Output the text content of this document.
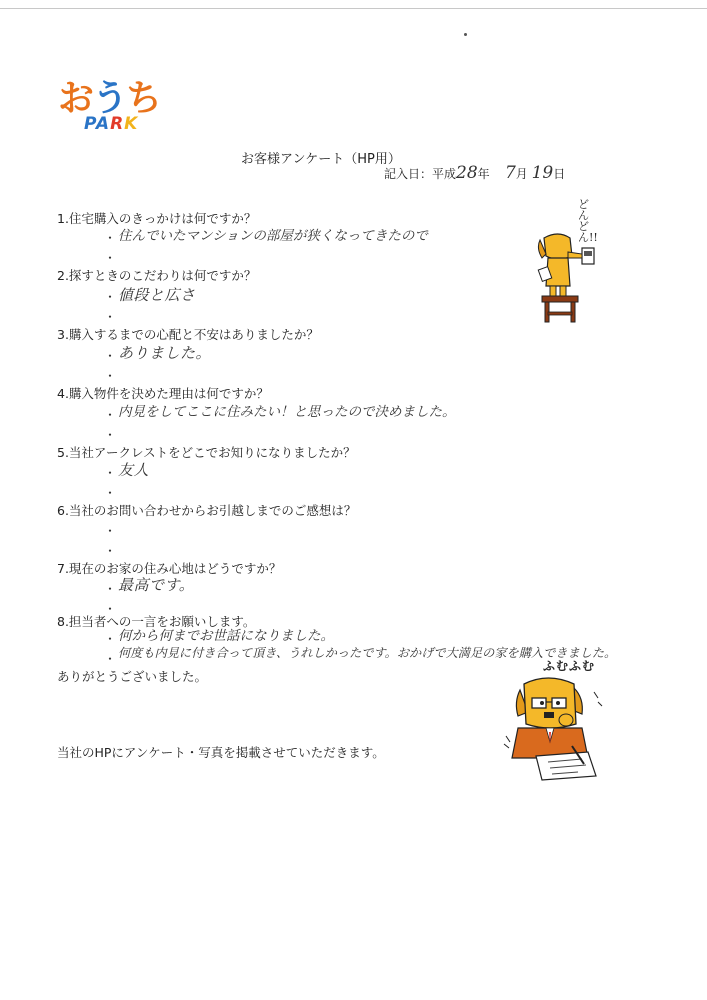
おうち
PARK
お客様アンケート（HP用）
記入日：平成28年 7月 19日
1.住宅購入のきっかけは何ですか？
・ 住んでいたマンションの部屋が狭くなってきたので
・
2.探すときのこだわりは何ですか？
・ 値段と広さ
・
3.購入するまでの心配と不安はありましたか？
・ ありました。
・
4.購入物件を決めた理由は何ですか？
・ 内見をしてここに住みたい！と思ったので決めました。
・
5.当社アークレストをどこでお知りになりましたか？
・ 友人
・
6.当社のお問い合わせからお引越しまでのご感想は？
・
・
7.現在のお家の住み心地はどうですか？
・ 最高です。
・
8.担当者への一言をお願いします。
・ 何から何までお世話になりました。
・ 何度も内見に付き合って頂き、うれしかったです。おかげで大満足の家を購入できました。
ありがとうございました。
当社のHPにアンケート・写真を掲載させていただきます。
どんどん!!
ふむふむ
